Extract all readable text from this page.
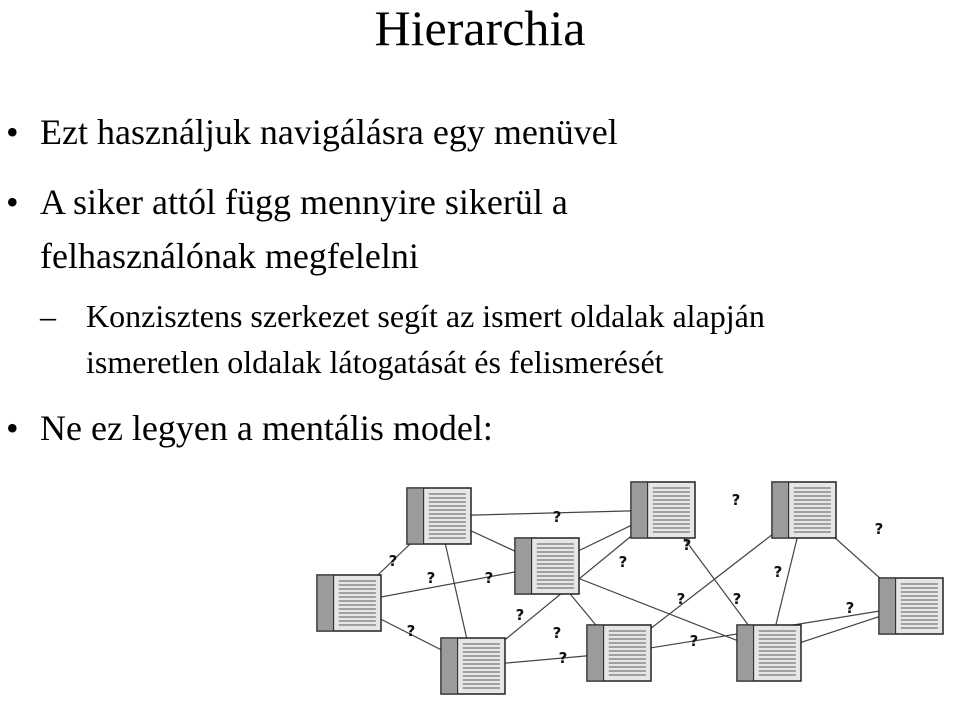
Hierarchia
• Ezt használjuk navigálásra egy menüvel
• A siker attól függ mennyire sikerül a
felhasználónak megfelelni
– Konzisztens szerkezet segít az ismert oldalak alapján
ismeretlen oldalak látogatását és felismerését
• Ne ez legyen a mentális model:
?
?
?	?
?
?
?
?
?
?
?
?
?	?
?
?
?
